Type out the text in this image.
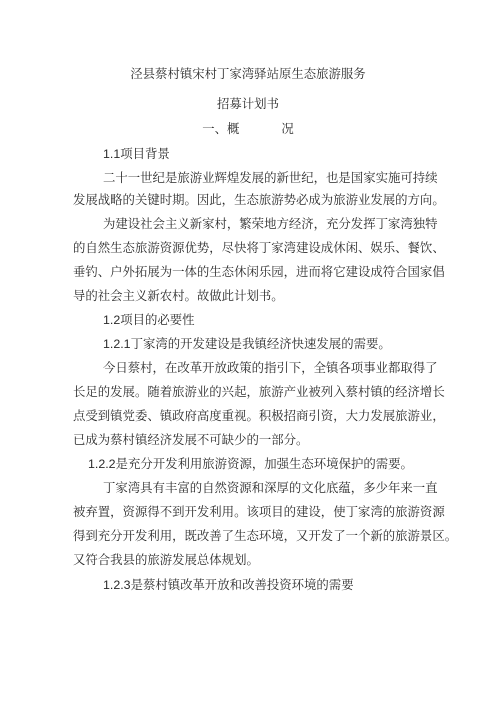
泾县蔡村镇宋村丁家湾驿站原生态旅游服务
招募计划书
一、概	况
1.1项目背景
二十一世纪是旅游业辉煌发展的新世纪，也是国家实施可持续
发展战略的关键时期。因此，生态旅游势必成为旅游业发展的方向。
为建设社会主义新家村，繁荣地方经济，充分发挥丁家湾独特
的自然生态旅游资源优势，尽快将丁家湾建设成休闲、娱乐、餐饮、
垂钓、户外拓展为一体的生态休闲乐园，进而将它建设成符合国家倡
导的社会主义新农村。故做此计划书。
1.2项目的必要性
1.2.1丁家湾的开发建设是我镇经济快速发展的需要。
今日蔡村，在改革开放政策的指引下，全镇各项事业都取得了
长足的发展。随着旅游业的兴起，旅游产业被列入蔡村镇的经济增长
点受到镇党委、镇政府高度重视。积极招商引资，大力发展旅游业，
已成为蔡村镇经济发展不可缺少的一部分。
1.2.2是充分开发利用旅游资源，加强生态环境保护的需要。
丁家湾具有丰富的自然资源和深厚的文化底蕴，多少年来一直
被弃置，资源得不到开发利用。该项目的建设，使丁家湾的旅游资源
得到充分开发利用，既改善了生态环境，又开发了一个新的旅游景区。
又符合我县的旅游发展总体规划。
1.2.3是蔡村镇改革开放和改善投资环境的需要
